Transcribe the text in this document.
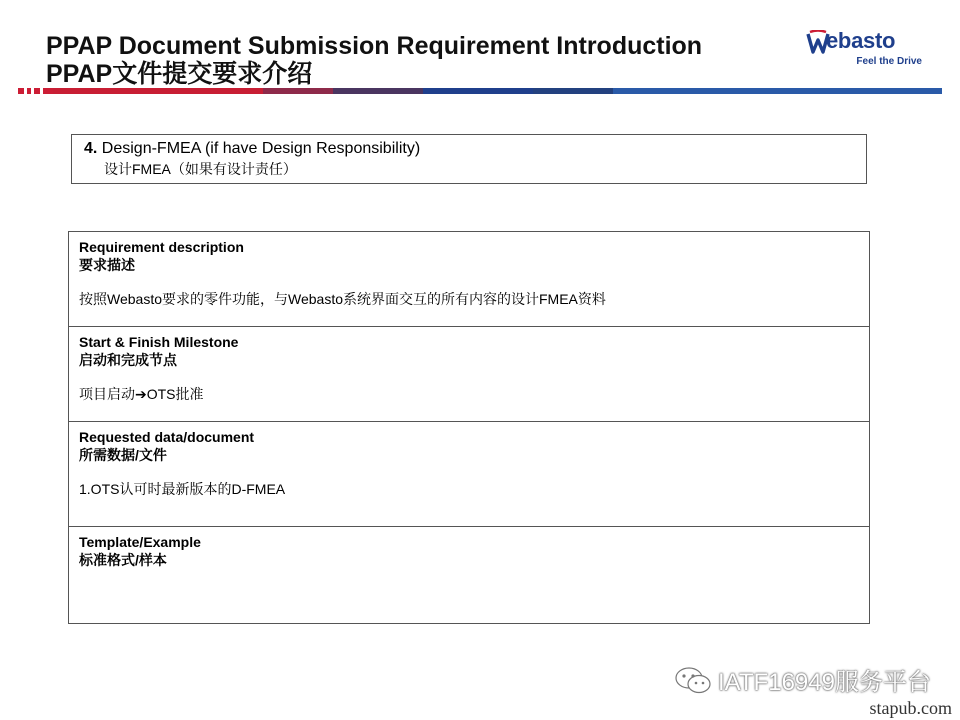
PPAP Document Submission Requirement Introduction
PPAP文件提交要求介绍
ebasto
Feel the Drive
4. Design-FMEA (if have Design Responsibility)
设计FMEA（如果有设计责任）
Requirement description
要求描述
按照Webasto要求的零件功能，与Webasto系统界面交互的所有内容的设计FMEA资料

Start & Finish Milestone
启动和完成节点
项目启动➔OTS批准

Requested data/document
所需数据/文件
1.OTS认可时最新版本的D-FMEA

Template/Example
标准格式/样本
IATF16949服务平台
stapub.com
